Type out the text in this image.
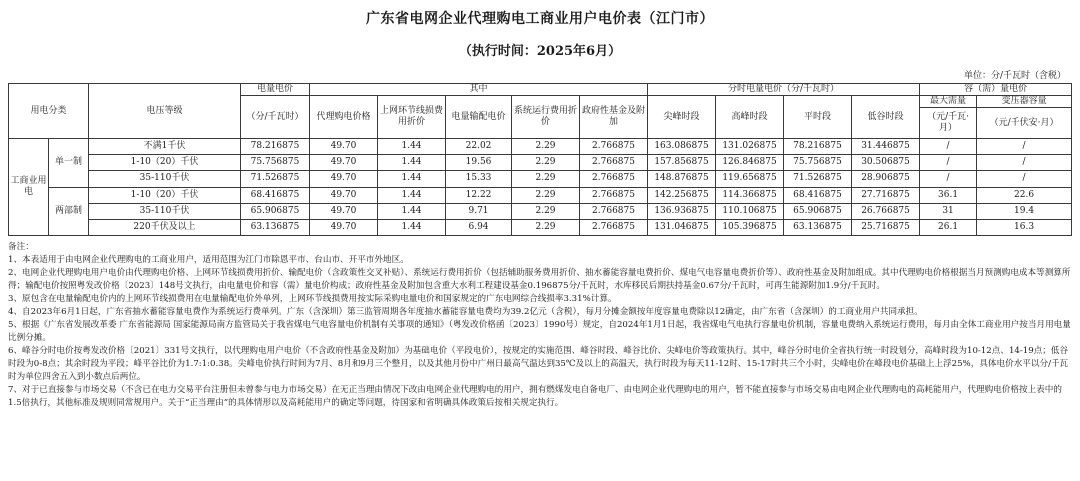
广东省电网企业代理购电工商业用户电价表（江门市）
（执行时间：2025年6月）
单位：分/千瓦时（含税）
用电分类		电压等级	电量电价	其中					分时电量电价（分/千瓦时）				容（需）量电价	
			（分/千瓦时）	代理购电价格	上网环节线损费用折价	电量输配电价	系统运行费用折价	政府性基金及附加	尖峰时段	高峰时段	平时段	低谷时段	最大需量	变压器容量
													（元/千瓦·月）	（元/千伏安·月）
工商业用电	单一制	不满1千伏	78.216875	49.70	1.44	22.02	2.29	2.766875	163.086875	131.026875	78.216875	31.446875	/	/
		1-10（20）千伏	75.756875	49.70	1.44	19.56	2.29	2.766875	157.856875	126.846875	75.756875	30.506875	/	/
		35-110千伏	71.526875	49.70	1.44	15.33	2.29	2.766875	148.876875	119.656875	71.526875	28.906875	/	/
	两部制	1-10（20）千伏	68.416875	49.70	1.44	12.22	2.29	2.766875	142.256875	114.366875	68.416875	27.716875	36.1	22.6
		35-110千伏	65.906875	49.70	1.44	9.71	2.29	2.766875	136.936875	110.106875	65.906875	26.766875	31	19.4
		220千伏及以上	63.136875	49.70	1.44	6.94	2.29	2.766875	131.046875	105.396875	63.136875	25.716875	26.1	16.3

备注：

1、本表适用于由电网企业代理购电的工商业用户，适用范围为江门市除恩平市、台山市、开平市外地区。

2、电网企业代理购电用户电价由代理购电价格、上网环节线损费用折价、输配电价（含政策性交叉补贴）、系统运行费用折价（包括辅助服务费用折价、抽水蓄能容量电费折价、煤电气电容量电费折价等）、政府性基金及附加组成。其中代理购电价格根据当月预测购电成本等测算所得；输配电价按照粤发改价格〔2023〕148号文执行，由电量电价和容（需）量电价构成；政府性基金及附加包含重大水利工程建设基金0.196875分/千瓦时，水库移民后期扶持基金0.67分/千瓦时，可再生能源附加1.9分/千瓦时。

3、原包含在电量输配电价内的上网环节线损费用在电量输配电价外单列，上网环节线损费用按实际采购电量电价和国家规定的广东电网综合线损率3.31%计算。

4、自2023年6月1日起，广东省抽水蓄能容量电费作为系统运行费单列。广东（含深圳）第三监管周期各年度抽水蓄能容量电费均为39.2亿元（含税），每月分摊金额按年度容量电费除以12确定，由广东省（含深圳）的工商业用户共同承担。

5、根据《广东省发展改革委 广东省能源局 国家能源局南方监管局关于我省煤电气电容量电价机制有关事项的通知》（粤发改价格函〔2023〕1990号）规定，自2024年1月1日起，我省煤电气电执行容量电价机制，容量电费纳入系统运行费用，每月由全体工商业用户按当月用电量比例分摊。

6、峰谷分时电价按粤发改价格〔2021〕331号文执行，以代理购电用户电价（不含政府性基金及附加）为基础电价（平段电价），按规定的实施范围、峰谷时段、峰谷比价、尖峰电价等政策执行。其中，峰谷分时电价全省执行统一时段划分，高峰时段为10-12点、14-19点；低谷时段为0-8点；其余时段为平段；峰平谷比价为1.7:1:0.38。尖峰电价执行时间为7月、8月和9月三个整月，以及其他月份中广州日最高气温达到35℃及以上的高温天，执行时段为每天11-12时、15-17时共三个小时，尖峰电价在峰段电价基础上上浮25%，具体电价水平以分/千瓦时为单位四舍五入到小数点后两位。

7、对于已直接参与市场交易（不含已在电力交易平台注册但未曾参与电力市场交易）在无正当理由情况下改由电网企业代理购电的用户，拥有燃煤发电自备电厂、由电网企业代理购电的用户，暂不能直接参与市场交易由电网企业代理购电的高耗能用户，代理购电价格按上表中的1.5倍执行，其他标准及规则同常规用户。关于“正当理由”的具体情形以及高耗能用户的确定等问题，待国家和省明确具体政策后按相关规定执行。
